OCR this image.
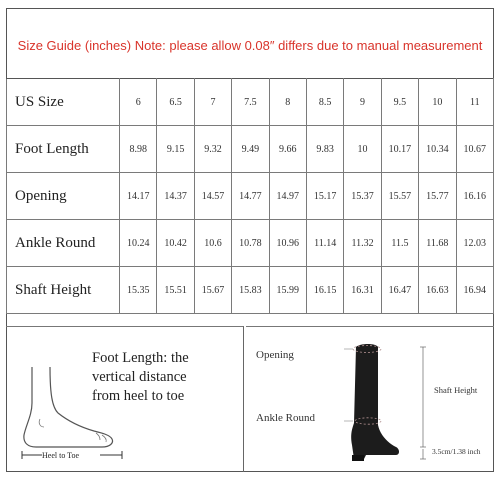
Size Guide (inches) Note: please allow 0.08″ differs due to manual measurement
US Size	6	6.5	7	7.5	8	8.5	9	9.5	10	11
Foot Length	8.98	9.15	9.32	9.49	9.66	9.83	10	10.17	10.34	10.67
Opening	14.17	14.37	14.57	14.77	14.97	15.17	15.37	15.57	15.77	16.16
Ankle Round	10.24	10.42	10.6	10.78	10.96	11.14	11.32	11.5	11.68	12.03
Shaft Height	15.35	15.51	15.67	15.83	15.99	16.15	16.31	16.47	16.63	16.94
Foot Length: the
vertical distance
from heel to toe
Heel to Toe
Opening
Ankle Round
Shaft Height
3.5cm/1.38 inch
